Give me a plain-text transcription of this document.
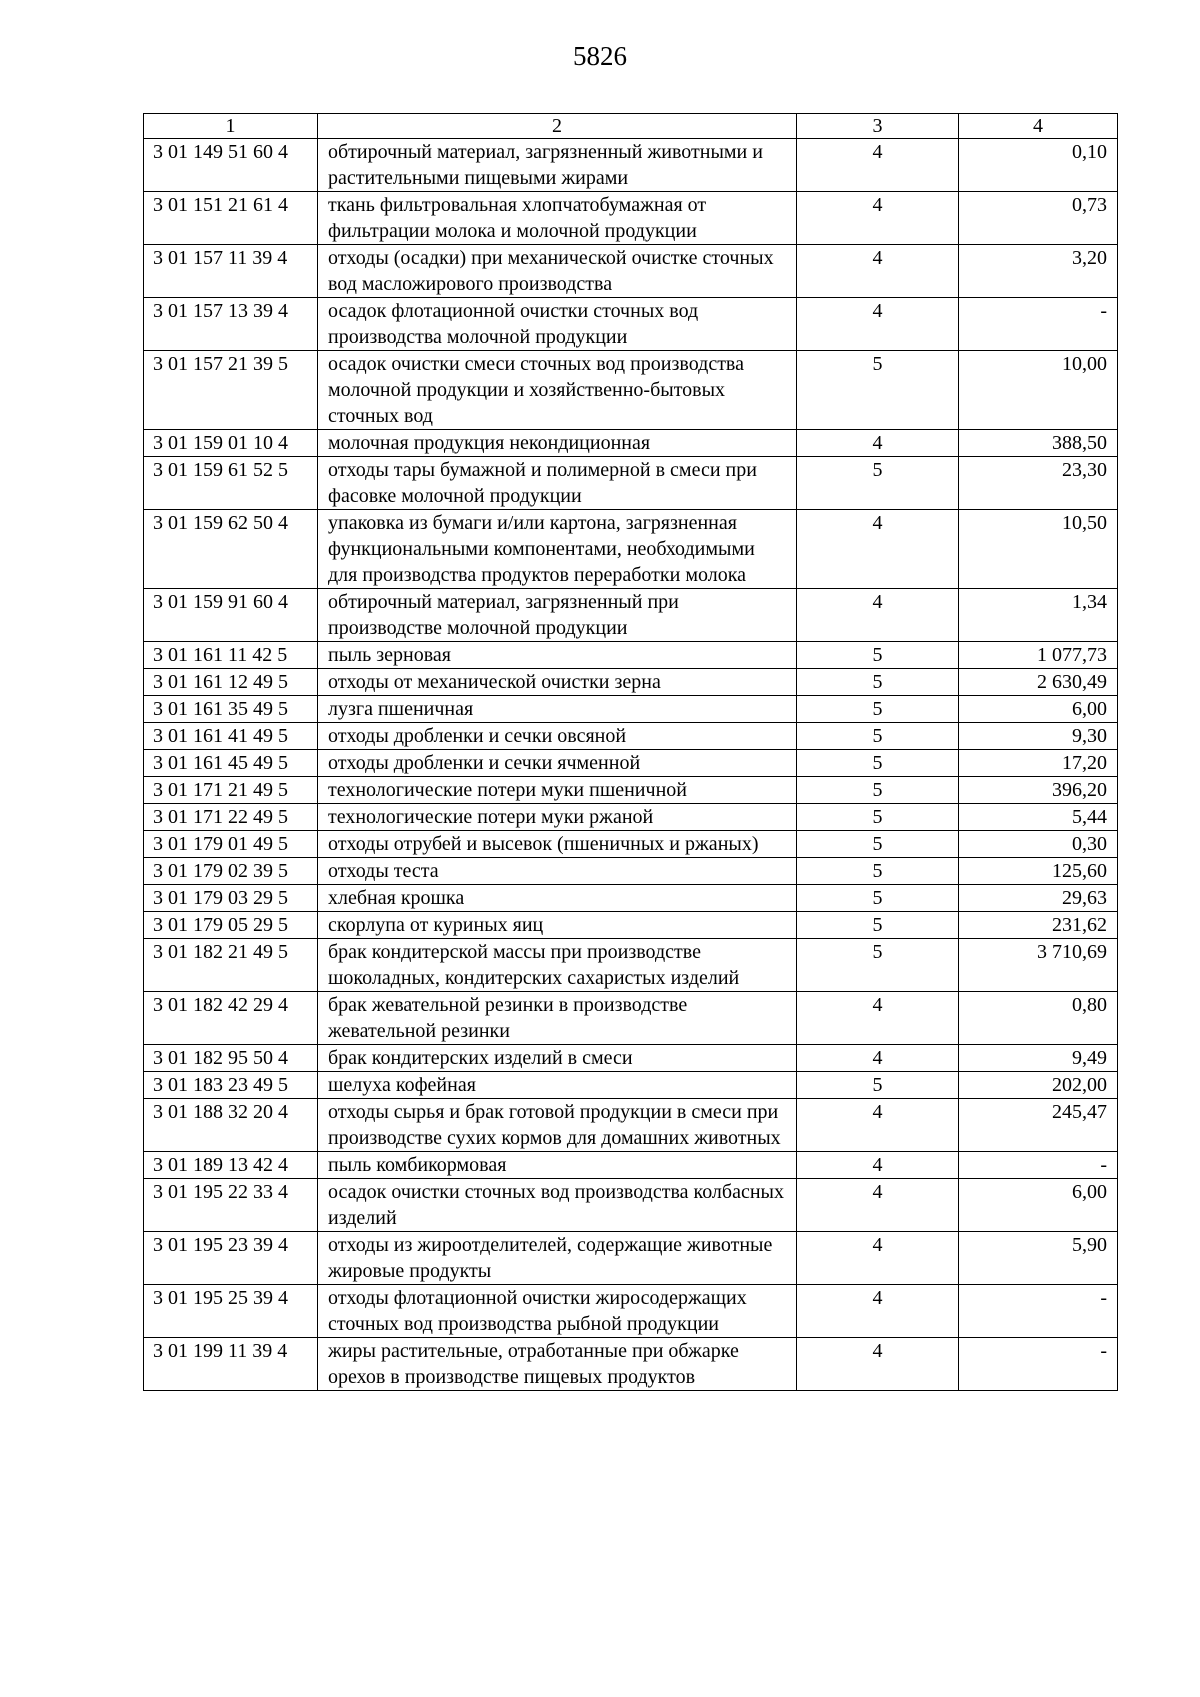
5826
1	2	3	4
3 01 149 51 60 4	обтирочный материал, загрязненный животными и растительными пищевыми жирами	4	0,10
3 01 151 21 61 4	ткань фильтровальная хлопчатобумажная от фильтрации молока и молочной продукции	4	0,73
3 01 157 11 39 4	отходы (осадки) при механической очистке сточных вод масложирового производства	4	3,20
3 01 157 13 39 4	осадок флотационной очистки сточных вод производства молочной продукции	4	-
3 01 157 21 39 5	осадок очистки смеси сточных вод производства молочной продукции и хозяйственно-бытовых сточных вод	5	10,00
3 01 159 01 10 4	молочная продукция некондиционная	4	388,50
3 01 159 61 52 5	отходы тары бумажной и полимерной в смеси при фасовке молочной продукции	5	23,30
3 01 159 62 50 4	упаковка из бумаги и/или картона, загрязненная функциональными компонентами, необходимыми для производства продуктов переработки молока	4	10,50
3 01 159 91 60 4	обтирочный материал, загрязненный при производстве молочной продукции	4	1,34
3 01 161 11 42 5	пыль зерновая	5	1 077,73
3 01 161 12 49 5	отходы от механической очистки зерна	5	2 630,49
3 01 161 35 49 5	лузга пшеничная	5	6,00
3 01 161 41 49 5	отходы дробленки и сечки овсяной	5	9,30
3 01 161 45 49 5	отходы дробленки и сечки ячменной	5	17,20
3 01 171 21 49 5	технологические потери муки пшеничной	5	396,20
3 01 171 22 49 5	технологические потери муки ржаной	5	5,44
3 01 179 01 49 5	отходы отрубей и высевок (пшеничных и ржаных)	5	0,30
3 01 179 02 39 5	отходы теста	5	125,60
3 01 179 03 29 5	хлебная крошка	5	29,63
3 01 179 05 29 5	скорлупа от куриных яиц	5	231,62
3 01 182 21 49 5	брак кондитерской массы при производстве шоколадных, кондитерских сахаристых изделий	5	3 710,69
3 01 182 42 29 4	брак жевательной резинки в производстве жевательной резинки	4	0,80
3 01 182 95 50 4	брак кондитерских изделий в смеси	4	9,49
3 01 183 23 49 5	шелуха кофейная	5	202,00
3 01 188 32 20 4	отходы сырья и брак готовой продукции в смеси при производстве сухих кормов для домашних животных	4	245,47
3 01 189 13 42 4	пыль комбикормовая	4	-
3 01 195 22 33 4	осадок очистки сточных вод производства колбасных изделий	4	6,00
3 01 195 23 39 4	отходы из жироотделителей, содержащие животные жировые продукты	4	5,90
3 01 195 25 39 4	отходы флотационной очистки жиросодержащих сточных вод производства рыбной продукции	4	-
3 01 199 11 39 4	жиры растительные, отработанные при обжарке орехов в производстве пищевых продуктов	4	-
